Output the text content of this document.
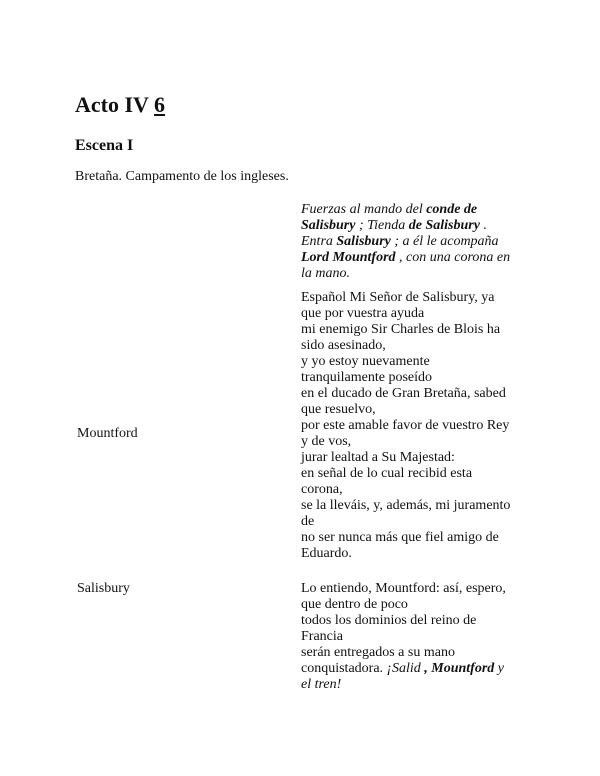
Acto IV 6
Escena I

Bretaña. Campamento de los ingleses.

Fuerzas al mando del conde de
Salisbury ; Tienda de Salisbury .
Entra Salisbury ; a él le acompaña
Lord Mountford , con una corona en
la mano.
Mountford
Español Mi Señor de Salisbury, ya
que por vuestra ayuda
mi enemigo Sir Charles de Blois ha
sido asesinado,
y yo estoy nuevamente
tranquilamente poseído
en el ducado de Gran Bretaña, sabed
que resuelvo,
por este amable favor de vuestro Rey
y de vos,
jurar lealtad a Su Majestad:
en señal de lo cual recibid esta
corona,
se la lleváis, y, además, mi juramento
de
no ser nunca más que fiel amigo de
Eduardo.
Salisbury	Lo entiendo, Mountford: así, espero,
que dentro de poco
todos los dominios del reino de
Francia
serán entregados a su mano
conquistadora. ¡Salid , Mountford y
el tren!
